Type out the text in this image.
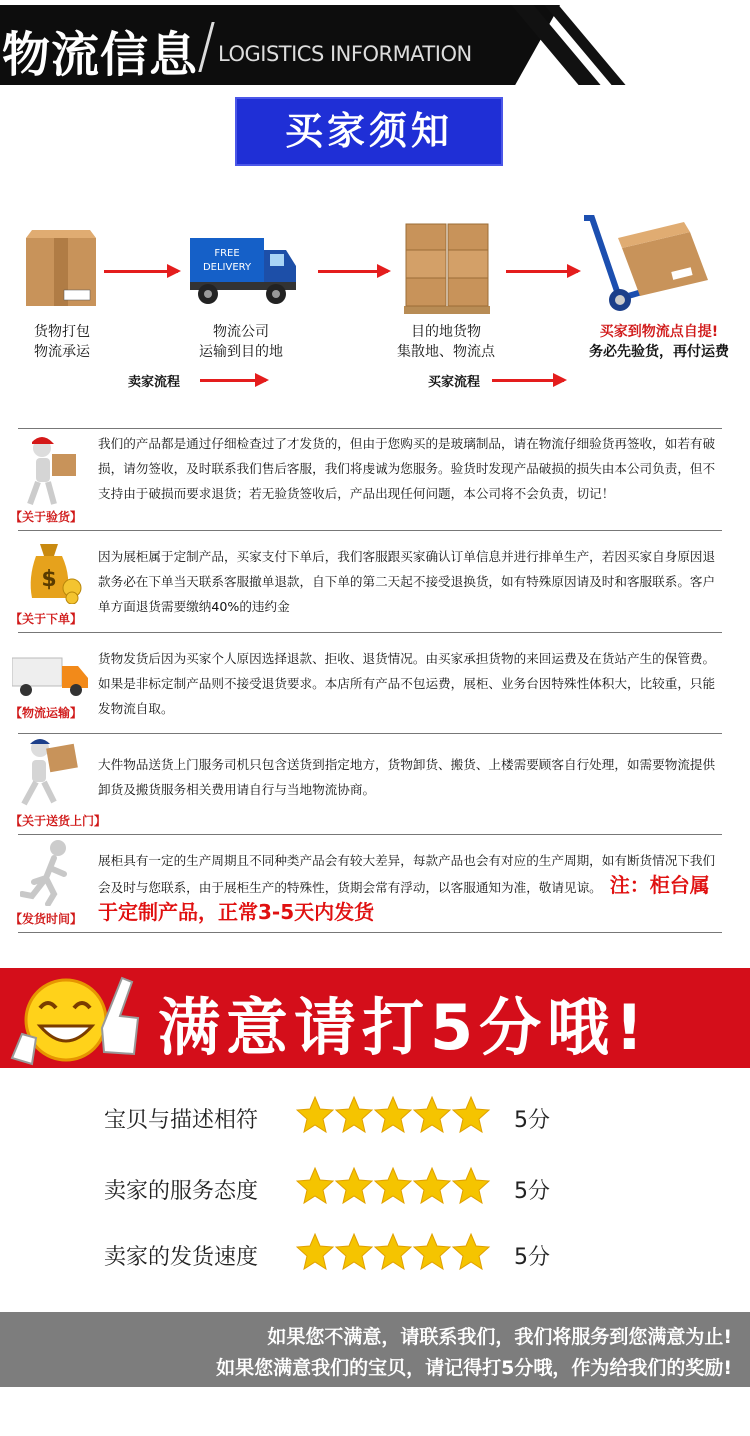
物流信息 LOGISTICS INFORMATION
买家须知
FREE
DELIVERY
货物打包
物流承运
物流公司
运输到目的地
目的地货物
集散地、物流点
买家到物流点自提!
务必先验货，再付运费
卖家流程	买家流程
【关于验货】
我们的产品都是通过仔细检查过了才发货的，但由于您购买的是玻璃制品，请在物流仔细验货再签收，如若有破损，请勿签收，及时联系我们售后客服，我们将虔诚为您服务。验货时发现产品破损的损失由本公司负责，但不支持由于破损而要求退货；若无验货签收后，产品出现任何问题，本公司将不会负责，切记！
$
【关于下单】
因为展柜属于定制产品，买家支付下单后，我们客服跟买家确认订单信息并进行排单生产，若因买家自身原因退款务必在下单当天联系客服撤单退款，自下单的第二天起不接受退换货，如有特殊原因请及时和客服联系。客户单方面退货需要缴纳40%的违约金
【物流运输】
货物发货后因为买家个人原因选择退款、拒收、退货情况。由买家承担货物的来回运费及在货站产生的保管费。如果是非标定制产品则不接受退货要求。本店所有产品不包运费，展柜、业务台因特殊性体积大，比较重，只能发物流自取。
【关于送货上门】
大件物品送货上门服务司机只包含送货到指定地方，货物卸货、搬货、上楼需要顾客自行处理，如需要物流提供卸货及搬货服务相关费用请自行与当地物流协商。
【发货时间】
展柜具有一定的生产周期且不同种类产品会有较大差异，每款产品也会有对应的生产周期，如有断货情况下我们会及时与您联系，由于展柜生产的特殊性，货期会常有浮动，以客服通知为准，敬请见谅。 注：柜台属于定制产品，正常3-5天内发货
满意请打5分哦!
宝贝与描述相符	5分
卖家的服务态度	5分
卖家的发货速度	5分
如果您不满意，请联系我们，我们将服务到您满意为止!
如果您满意我们的宝贝，请记得打5分哦，作为给我们的奖励!
